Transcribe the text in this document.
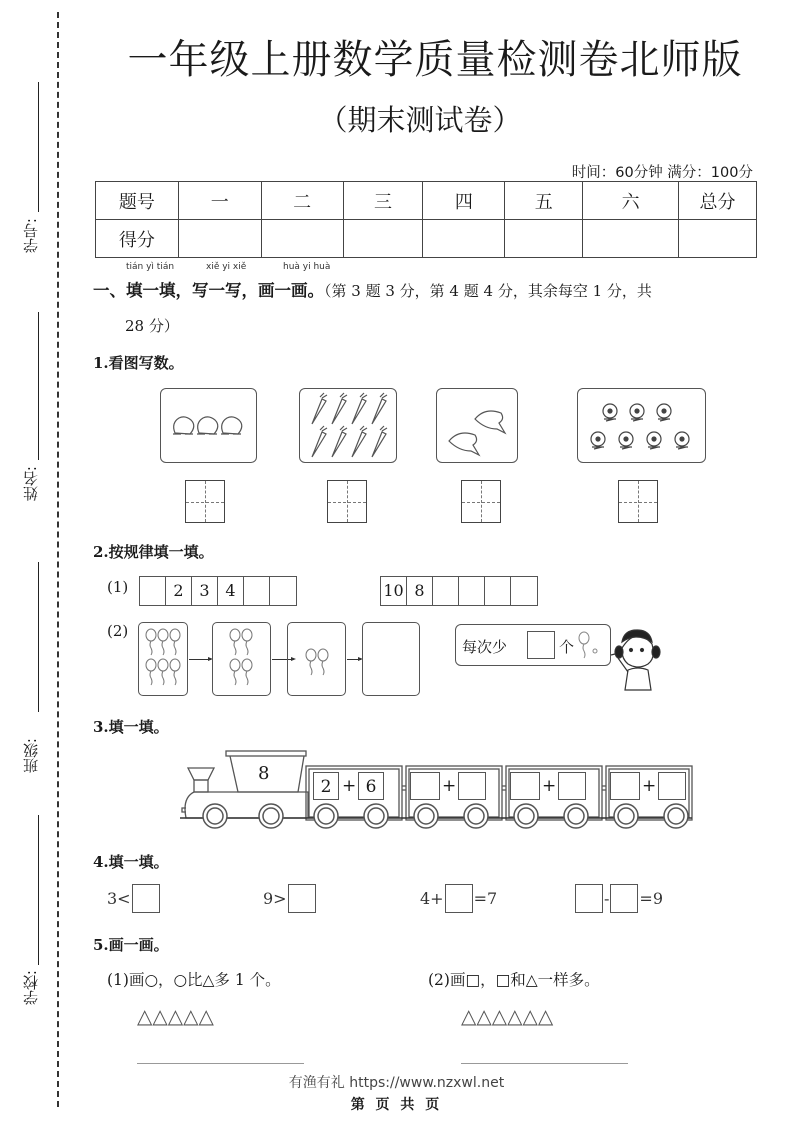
学号:
姓名:
班级:
学校:
一年级上册数学质量检测卷北师版
（期末测试卷）
时间：60分钟 满分：100分
题号	一	二	三	四	五	六	总分
得分							
tián yì tián	xiě yi xiě	huà yi huà
一、填一填，写一写，画一画。（第 3 题 3 分，第 4 题 4 分，其余每空 1 分，共
28 分）
1.看图写数。
2.按规律填一填。
(1)	2 3 4	10 8
(2)
每次少	个
3.填一填。
8
2 + 6	+	+	+
4.填一填。
3<	9>	4+ =7	- =9
5.画一画。
(1)画○，○比△多 1 个。
△△△△△
(2)画□，□和△一样多。
△△△△△△
有渔有礼 https://www.nzxwl.net
第 页 共 页
